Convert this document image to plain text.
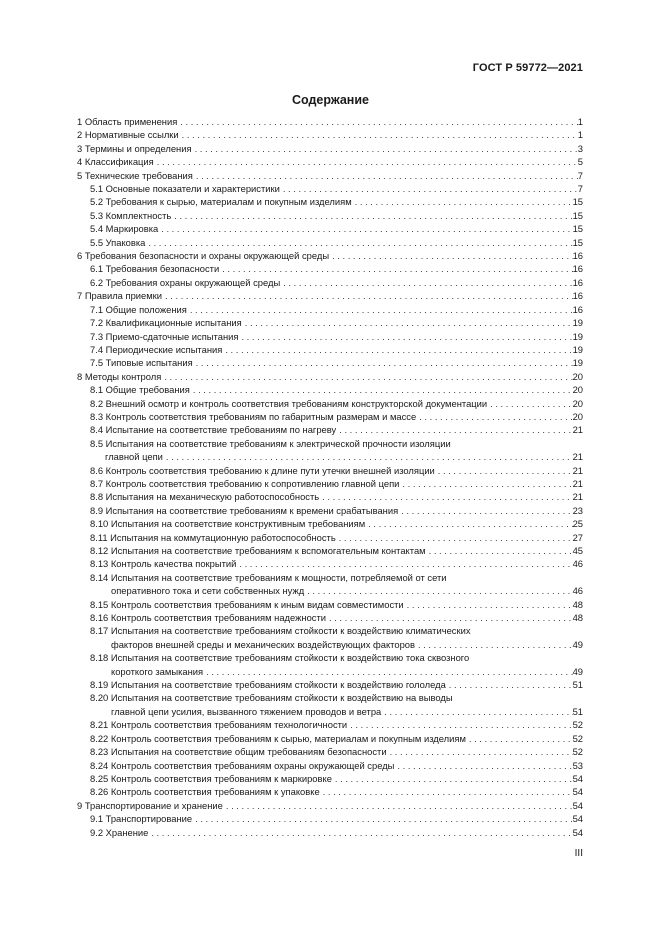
ГОСТ Р 59772—2021
Содержание
1 Область применения . . .	1
2 Нормативные ссылки . . .	1
3 Термины и определения . . .	3
4 Классификация . . .	5
5 Технические требования . . .	7
5.1 Основные показатели и характеристики . . .	7
5.2 Требования к сырью, материалам и покупным изделиям . . .	15
5.3 Комплектность . . .	15
5.4 Маркировка . . .	15
5.5 Упаковка . . .	15
6 Требования безопасности и охраны окружающей среды . . .	16
6.1 Требования безопасности . . .	16
6.2 Требования охраны окружающей среды . . .	16
7 Правила приемки . . .	16
7.1 Общие положения . . .	16
7.2 Квалификационные испытания . . .	19
7.3 Приемо-сдаточные испытания . . .	19
7.4 Периодические испытания . . .	19
7.5 Типовые испытания . . .	19
8 Методы контроля . . .	20
8.1 Общие требования . . .	20
8.2 Внешний осмотр и контроль соответствия требованиям конструкторской документации . . .	20
8.3 Контроль соответствия требованиям по габаритным размерам и массе . . .	20
8.4 Испытание на соответствие требованиям по нагреву . . .	21
8.5 Испытания на соответствие требованиям к электрической прочности изоляции
главной цепи . . .	21
8.6 Контроль соответствия требованию к длине пути утечки внешней изоляции . . .	21
8.7 Контроль соответствия требованию к сопротивлению главной цепи . . .	21
8.8 Испытания на механическую работоспособность . . .	21
8.9 Испытания на соответствие требованиям к времени срабатывания . . .	23
8.10 Испытания на соответствие конструктивным требованиям . . .	25
8.11 Испытания на коммутационную работоспособность . . .	27
8.12 Испытания на соответствие требованиям к вспомогательным контактам . . .	45
8.13 Контроль качества покрытий . . .	46
8.14 Испытания на соответствие требованиям к мощности, потребляемой от сети
оперативного тока и сети собственных нужд . . .	46
8.15 Контроль соответствия требованиям к иным видам совместимости . . .	48
8.16 Контроль соответствия требованиям надежности . . .	48
8.17 Испытания на соответствие требованиям стойкости к воздействию климатических
факторов внешней среды и механических воздействующих факторов . . .	49
8.18 Испытания на соответствие требованиям стойкости к воздействию тока сквозного
короткого замыкания . . .	49
8.19 Испытания на соответствие требованиям стойкости к воздействию гололеда . . .	51
8.20 Испытания на соответствие требованиям стойкости к воздействию на выводы
главной цепи усилия, вызванного тяжением проводов и ветра . . .	51
8.21 Контроль соответствия требованиям технологичности . . .	52
8.22 Контроль соответствия требованиям к сырью, материалам и покупным изделиям . . .	52
8.23 Испытания на соответствие общим требованиям безопасности . . .	52
8.24 Контроль соответствия требованиям охраны окружающей среды . . .	53
8.25 Контроль соответствия требованиям к маркировке . . .	54
8.26 Контроль соответствия требованиям к упаковке . . .	54
9 Транспортирование и хранение . . .	54
9.1 Транспортирование . . .	54
9.2 Хранение . . .	54
III
